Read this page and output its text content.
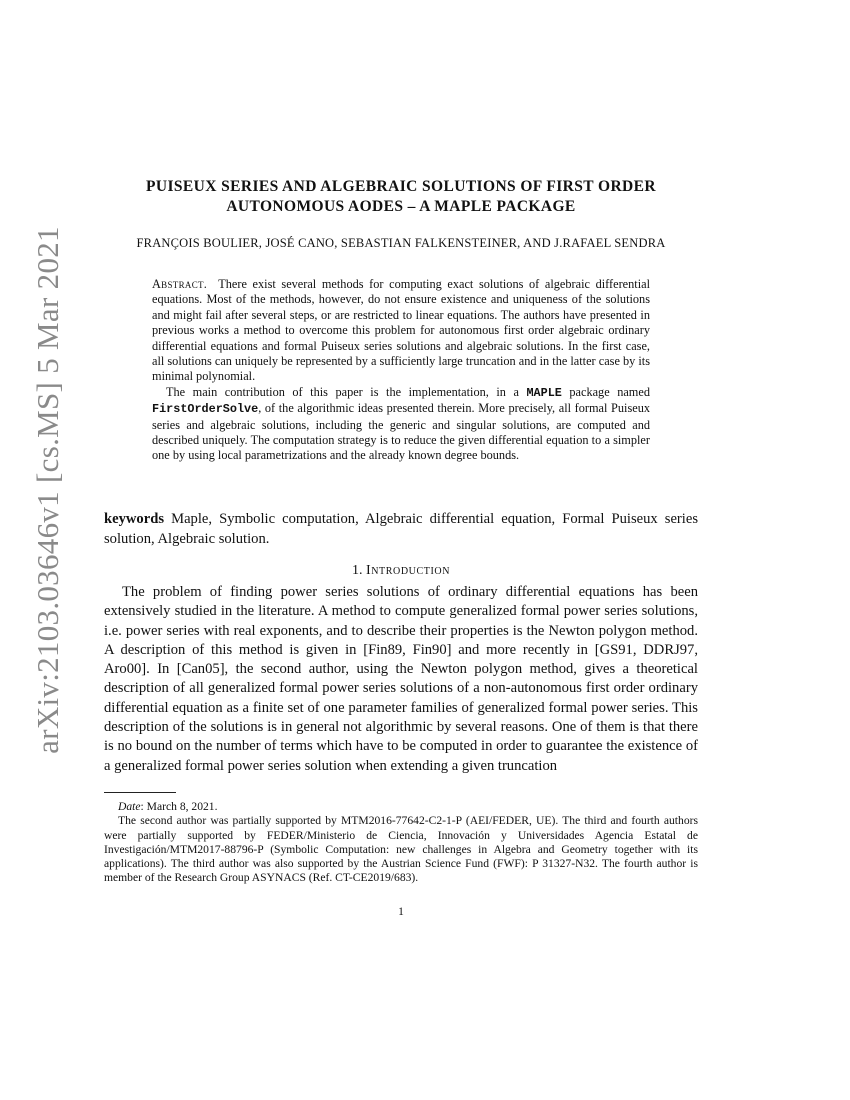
arXiv:2103.03646v1 [cs.MS] 5 Mar 2021
PUISEUX SERIES AND ALGEBRAIC SOLUTIONS OF FIRST ORDER
AUTONOMOUS AODES – A MAPLE PACKAGE
FRANÇOIS BOULIER, JOSÉ CANO, SEBASTIAN FALKENSTEINER, AND J.RAFAEL SENDRA

Abstract. There exist several methods for computing exact solutions of algebraic differential equations. Most of the methods, however, do not ensure existence and uniqueness of the solutions and might fail after several steps, or are restricted to linear equations. The authors have presented in previous works a method to overcome this problem for autonomous first order algebraic ordinary differential equations and formal Puiseux series solutions and algebraic solutions. In the first case, all solutions can uniquely be represented by a sufficiently large truncation and in the latter case by its minimal polynomial.

The main contribution of this paper is the implementation, in a MAPLE package named FirstOrderSolve, of the algorithmic ideas presented therein. More precisely, all formal Puiseux series and algebraic solutions, including the generic and singular solutions, are computed and described uniquely. The computation strategy is to reduce the given differential equation to a simpler one by using local parametrizations and the already known degree bounds.

keywords Maple, Symbolic computation, Algebraic differential equation, Formal Puiseux series solution, Algebraic solution.

1. Introduction

The problem of finding power series solutions of ordinary differential equations has been extensively studied in the literature. A method to compute generalized formal power series solutions, i.e. power series with real exponents, and to describe their properties is the Newton polygon method. A description of this method is given in [Fin89, Fin90] and more recently in [GS91, DDRJ97, Aro00]. In [Can05], the second author, using the Newton polygon method, gives a theoretical description of all generalized formal power series solutions of a non-autonomous first order ordinary differential equation as a finite set of one parameter families of generalized formal power series. This description of the solutions is in general not algorithmic by several reasons. One of them is that there is no bound on the number of terms which have to be computed in order to guarantee the existence of a generalized formal power series solution when extending a given truncation

Date: March 8, 2021.

The second author was partially supported by MTM2016-77642-C2-1-P (AEI/FEDER, UE). The third and fourth authors were partially supported by FEDER/Ministerio de Ciencia, Innovación y Universidades Agencia Estatal de Investigación/MTM2017-88796-P (Symbolic Computation: new challenges in Algebra and Geometry together with its applications). The third author was also supported by the Austrian Science Fund (FWF): P 31327-N32. The fourth author is member of the Research Group ASYNACS (Ref. CT-CE2019/683).

1
